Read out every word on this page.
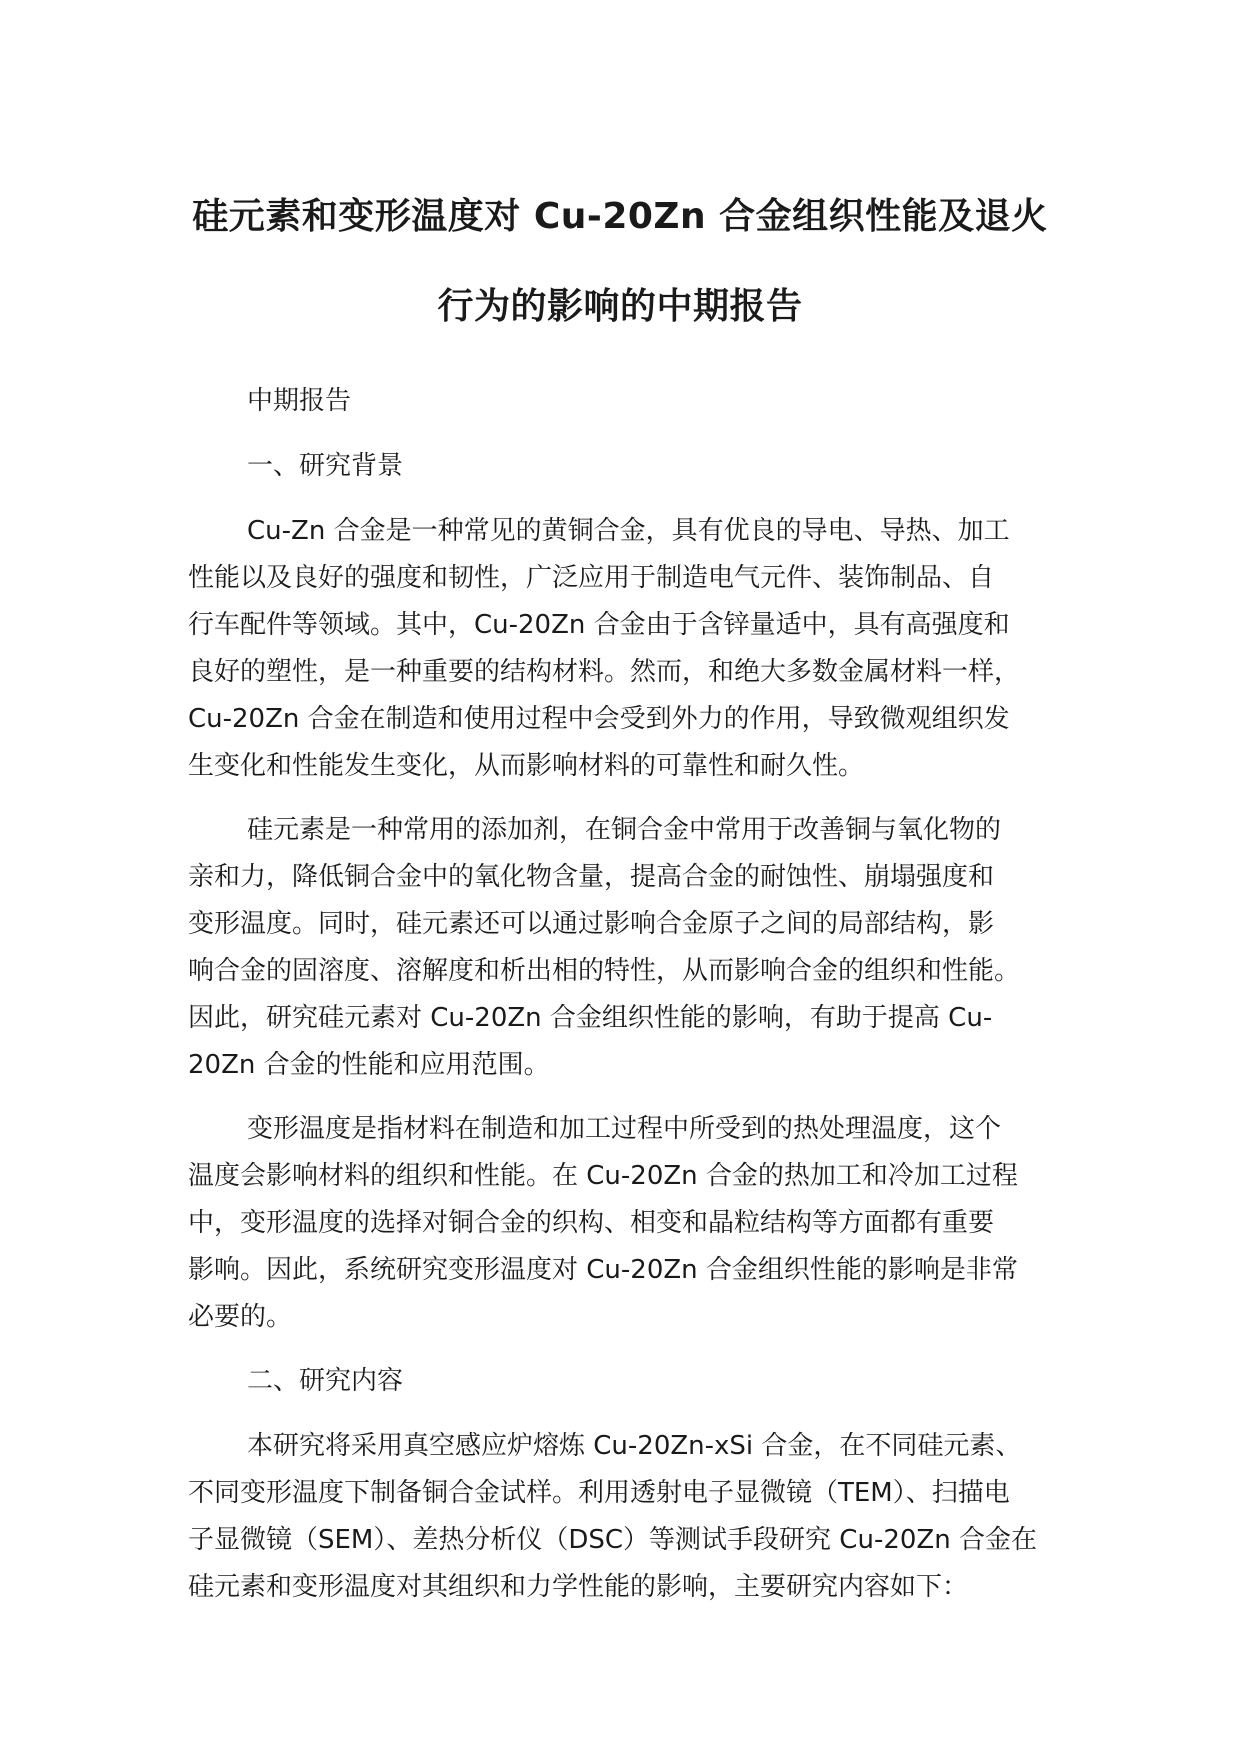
硅元素和变形温度对 Cu-20Zn 合金组织性能及退火
行为的影响的中期报告

中期报告

一、研究背景

Cu-Zn 合金是一种常见的黄铜合金，具有优良的导电、导热、加工
性能以及良好的强度和韧性，广泛应用于制造电气元件、装饰制品、自
行车配件等领域。其中，Cu-20Zn 合金由于含锌量适中，具有高强度和
良好的塑性，是一种重要的结构材料。然而，和绝大多数金属材料一样，
Cu-20Zn 合金在制造和使用过程中会受到外力的作用，导致微观组织发
生变化和性能发生变化，从而影响材料的可靠性和耐久性。

硅元素是一种常用的添加剂，在铜合金中常用于改善铜与氧化物的
亲和力，降低铜合金中的氧化物含量，提高合金的耐蚀性、崩塌强度和
变形温度。同时，硅元素还可以通过影响合金原子之间的局部结构，影
响合金的固溶度、溶解度和析出相的特性，从而影响合金的组织和性能。
因此，研究硅元素对 Cu-20Zn 合金组织性能的影响，有助于提高 Cu-
20Zn 合金的性能和应用范围。

变形温度是指材料在制造和加工过程中所受到的热处理温度，这个
温度会影响材料的组织和性能。在 Cu-20Zn 合金的热加工和冷加工过程
中，变形温度的选择对铜合金的织构、相变和晶粒结构等方面都有重要
影响。因此，系统研究变形温度对 Cu-20Zn 合金组织性能的影响是非常
必要的。

二、研究内容

本研究将采用真空感应炉熔炼 Cu-20Zn-xSi 合金，在不同硅元素、
不同变形温度下制备铜合金试样。利用透射电子显微镜（TEM）、扫描电
子显微镜（SEM）、差热分析仪（DSC）等测试手段研究 Cu-20Zn 合金在
硅元素和变形温度对其组织和力学性能的影响，主要研究内容如下：
